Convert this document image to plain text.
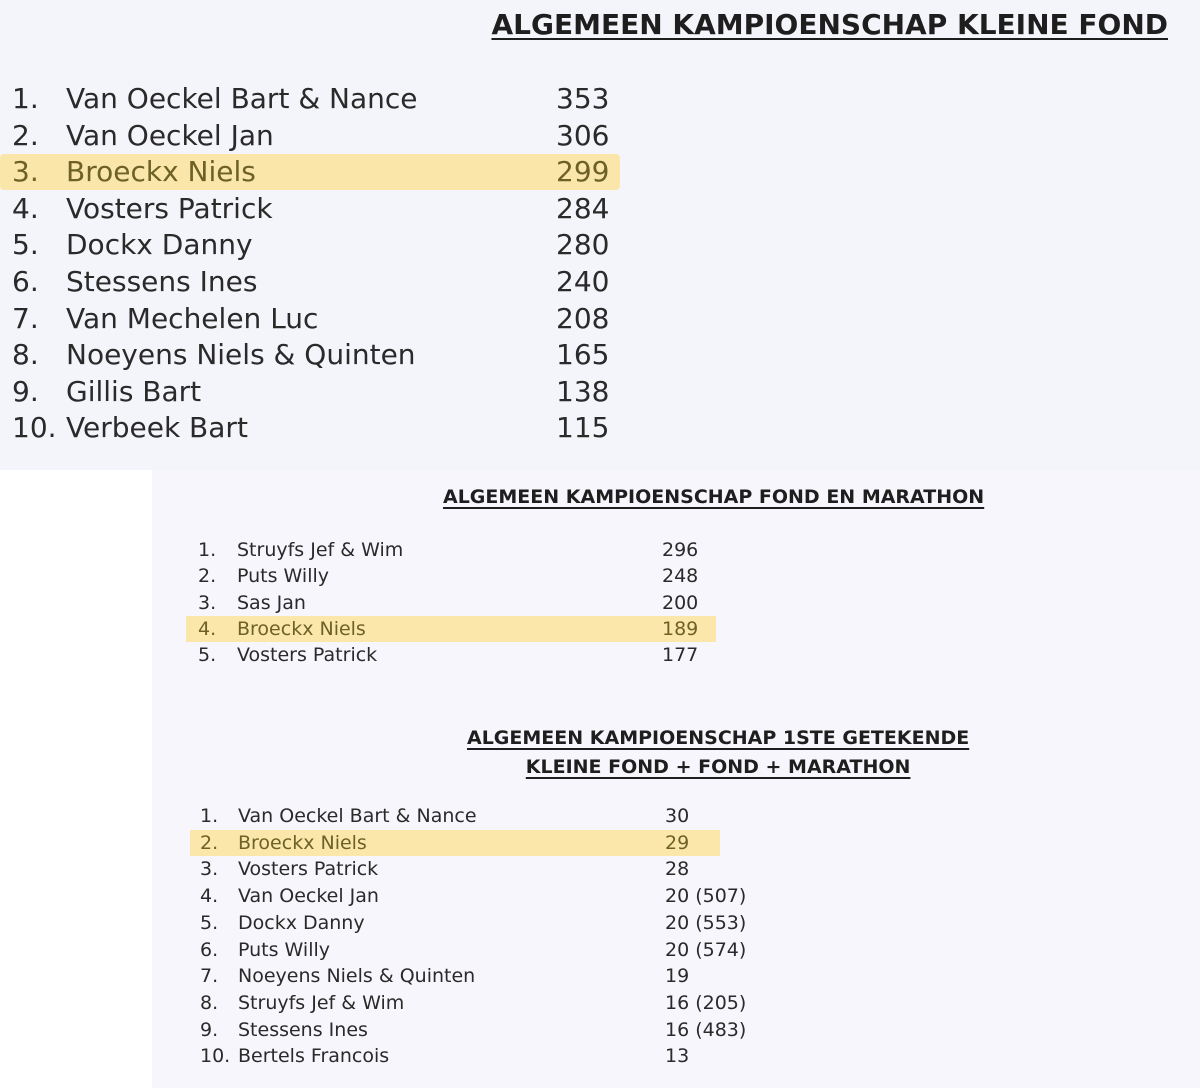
ALGEMEEN KAMPIOENSCHAP KLEINE FOND
1. Van Oeckel Bart & Nance	353
2. Van Oeckel Jan	306
3. Broeckx Niels	299
4. Vosters Patrick	284
5. Dockx Danny	280
6. Stessens Ines	240
7. Van Mechelen Luc	208
8. Noeyens Niels & Quinten	165
9. Gillis Bart	138
10. Verbeek Bart	115
ALGEMEEN KAMPIOENSCHAP FOND EN MARATHON
1. Struyfs Jef & Wim	296
2. Puts Willy	248
3. Sas Jan	200
4. Broeckx Niels	189
5. Vosters Patrick	177
ALGEMEEN KAMPIOENSCHAP 1STE GETEKENDE
KLEINE FOND + FOND + MARATHON
1. Van Oeckel Bart & Nance	30
2. Broeckx Niels	29
3. Vosters Patrick	28
4. Van Oeckel Jan	20 (507)
5. Dockx Danny	20 (553)
6. Puts Willy	20 (574)
7. Noeyens Niels & Quinten	19
8. Struyfs Jef & Wim	16 (205)
9. Stessens Ines	16 (483)
10. Bertels Francois	13
